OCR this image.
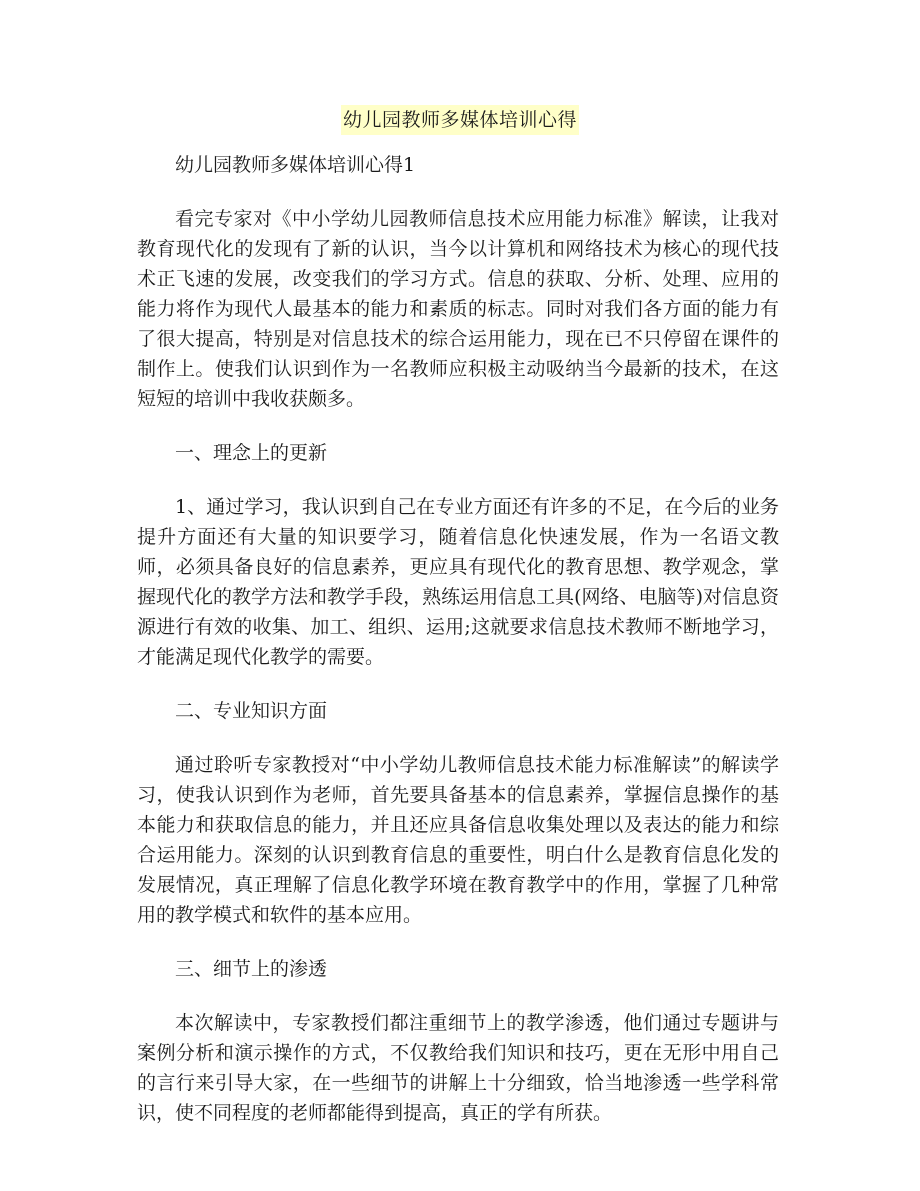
幼儿园教师多媒体培训心得

幼儿园教师多媒体培训心得1

看完专家对《中小学幼儿园教师信息技术应用能力标准》解读，让我对教育现代化的发现有了新的认识，当今以计算机和网络技术为核心的现代技术正飞速的发展，改变我们的学习方式。信息的获取、分析、处理、应用的能力将作为现代人最基本的能力和素质的标志。同时对我们各方面的能力有了很大提高，特别是对信息技术的综合运用能力，现在已不只停留在课件的制作上。使我们认识到作为一名教师应积极主动吸纳当今最新的技术，在这短短的培训中我收获颇多。

一、理念上的更新

1、通过学习，我认识到自己在专业方面还有许多的不足，在今后的业务提升方面还有大量的知识要学习，随着信息化快速发展，作为一名语文教师，必须具备良好的信息素养，更应具有现代化的教育思想、教学观念，掌握现代化的教学方法和教学手段，熟练运用信息工具(网络、电脑等)对信息资源进行有效的收集、加工、组织、运用;这就要求信息技术教师不断地学习，才能满足现代化教学的需要。

二、专业知识方面

通过聆听专家教授对“中小学幼儿教师信息技术能力标准解读”的解读学习，使我认识到作为老师，首先要具备基本的信息素养，掌握信息操作的基本能力和获取信息的能力，并且还应具备信息收集处理以及表达的能力和综合运用能力。深刻的认识到教育信息的重要性，明白什么是教育信息化发的发展情况，真正理解了信息化教学环境在教育教学中的作用，掌握了几种常用的教学模式和软件的基本应用。

三、细节上的渗透

本次解读中，专家教授们都注重细节上的教学渗透，他们通过专题讲与案例分析和演示操作的方式，不仅教给我们知识和技巧，更在无形中用自己的言行来引导大家，在一些细节的讲解上十分细致，恰当地渗透一些学科常识，使不同程度的老师都能得到提高，真正的学有所获。
